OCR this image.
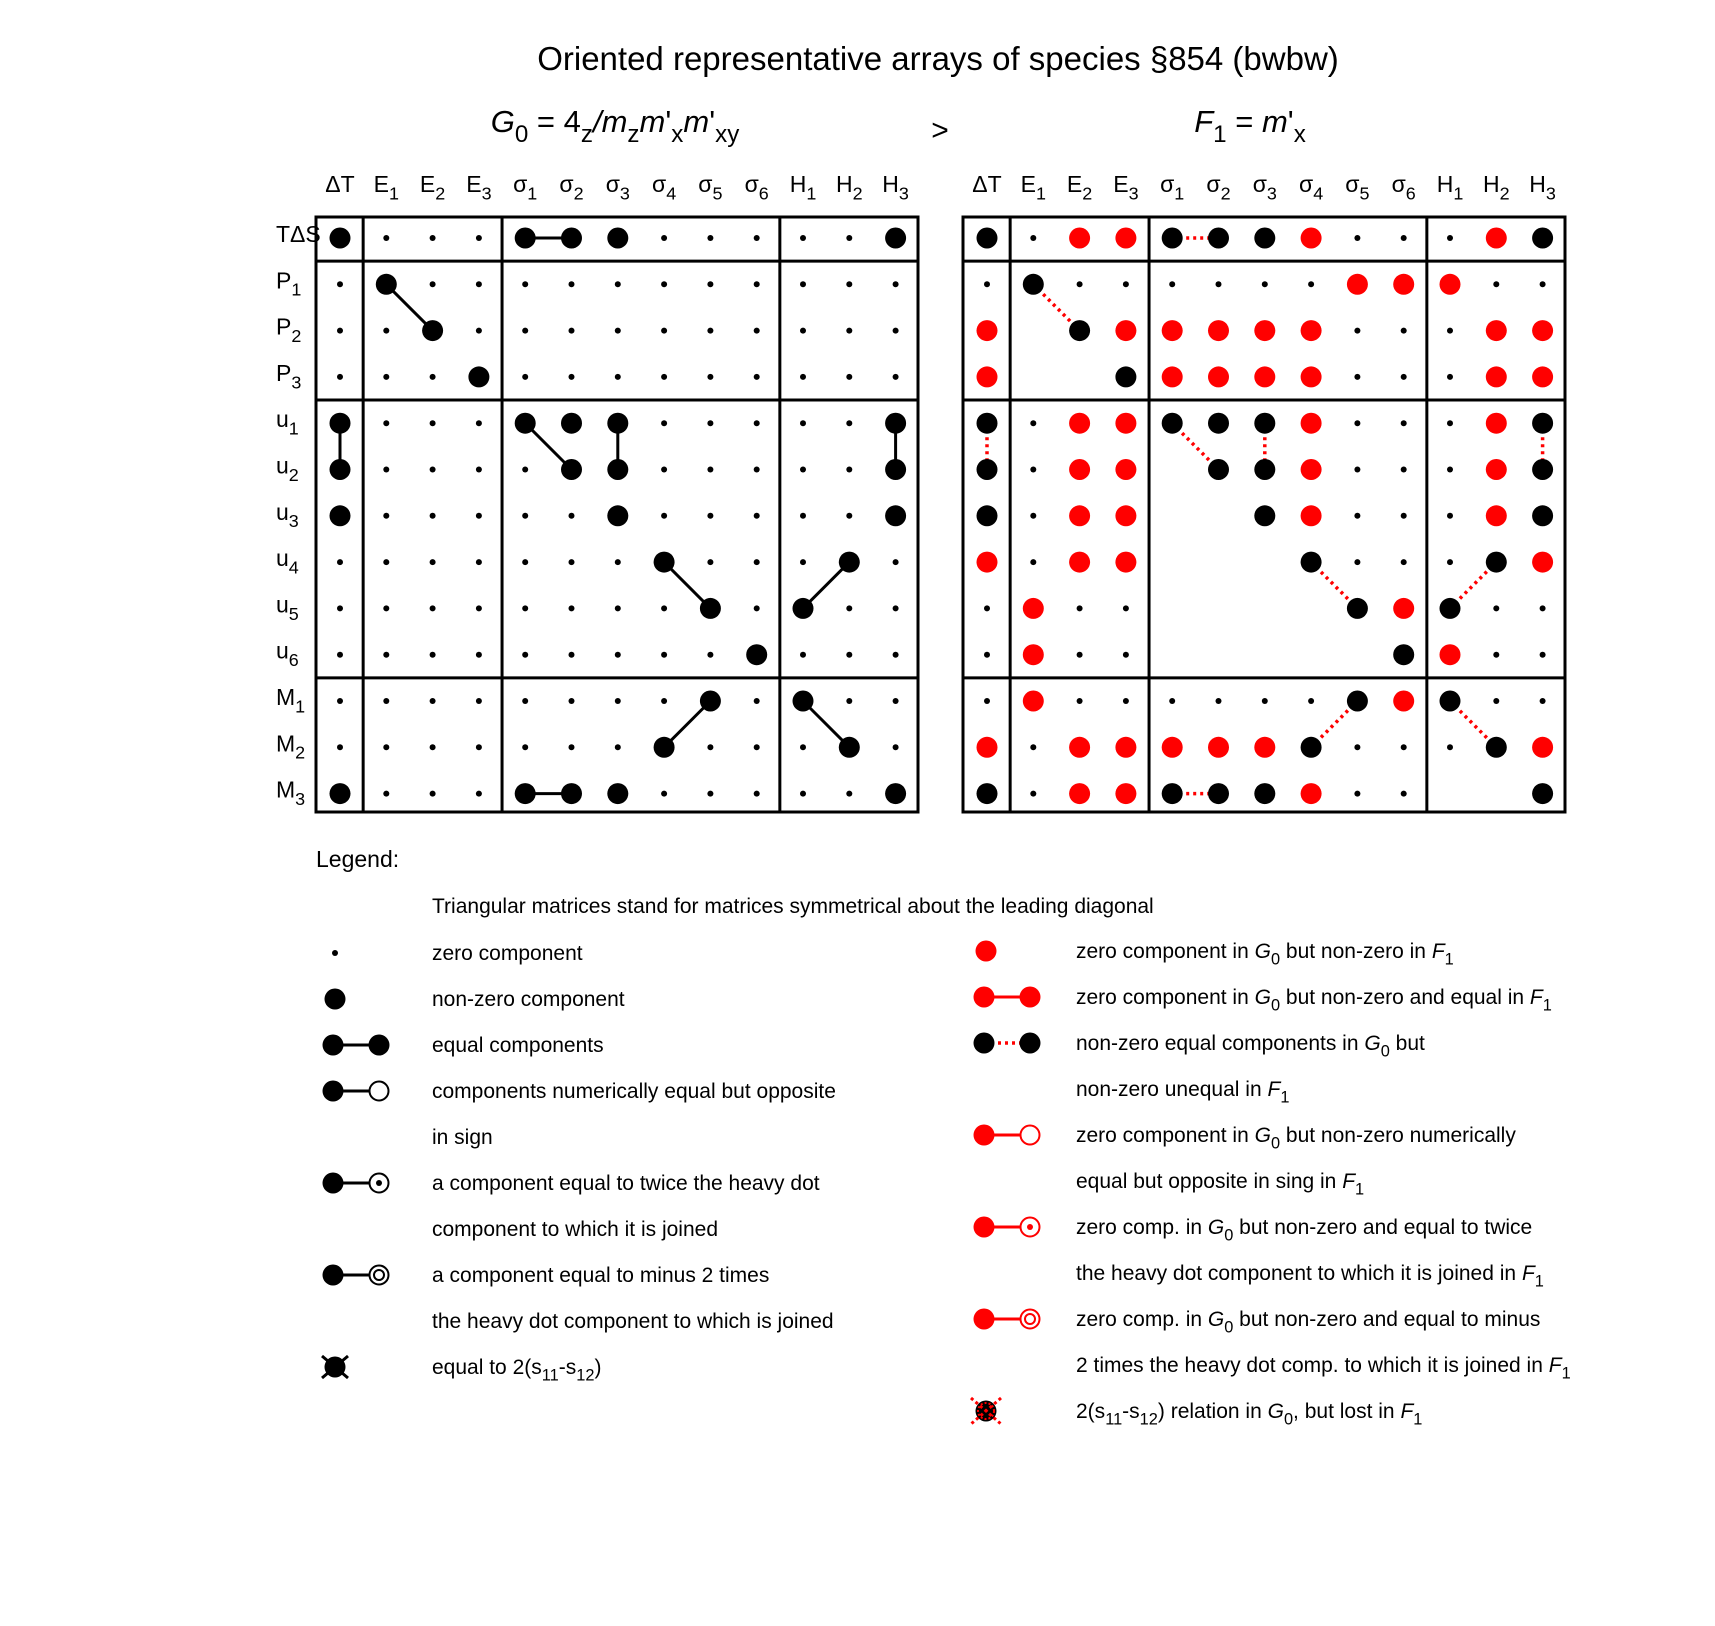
Oriented representative arrays of species §854 (bwbw)
>
$G_0 = 4_z/m_zm'_xm'_{xy}$	$F_1 = m'_x$
ΔT $E_1$ $E_2$ $E_3$ $\sigma_1$ $\sigma_2$ $\sigma_3$ $\sigma_4$ $\sigma_5$ $\sigma_6$ $H_1$ $H_2$ $H_3$
TΔS
$P_1$
$P_2$
$P_3$
$u_1$
$u_2$
$u_3$
$u_4$
$u_5$
$u_6$
$M_1$
$M_2$
$M_3$
ΔT $E_1$ $E_2$ $E_3$ $\sigma_1$ $\sigma_2$ $\sigma_3$ $\sigma_4$ $\sigma_5$ $\sigma_6$ $H_1$ $H_2$ $H_3$
Legend:
Triangular matrices stand for matrices symmetrical about the leading diagonal
zero component
non-zero component
equal components
components numerically equal but opposite
in sign
a component equal to twice the heavy dot
component to which it is joined
a component equal to minus 2 times
the heavy dot component to which is joined
equal to $2(s_{11}-s_{12})$
zero component in $G_0$ but non-zero in $F_1$
zero component in $G_0$ but non-zero and equal in $F_1$
non-zero equal components in $G_0$ but
non-zero unequal in $F_1$
zero component in $G_0$ but non-zero numerically
equal but opposite in sing in $F_1$
zero comp. in $G_0$ but non-zero and equal to twice
the heavy dot component to which it is joined in $F_1$
zero comp. in $G_0$ but non-zero and equal to minus
2 times the heavy dot comp. to which it is joined in $F_1$
$2(s_{11}-s_{12})$ relation in $G_0$, but lost in $F_1$
